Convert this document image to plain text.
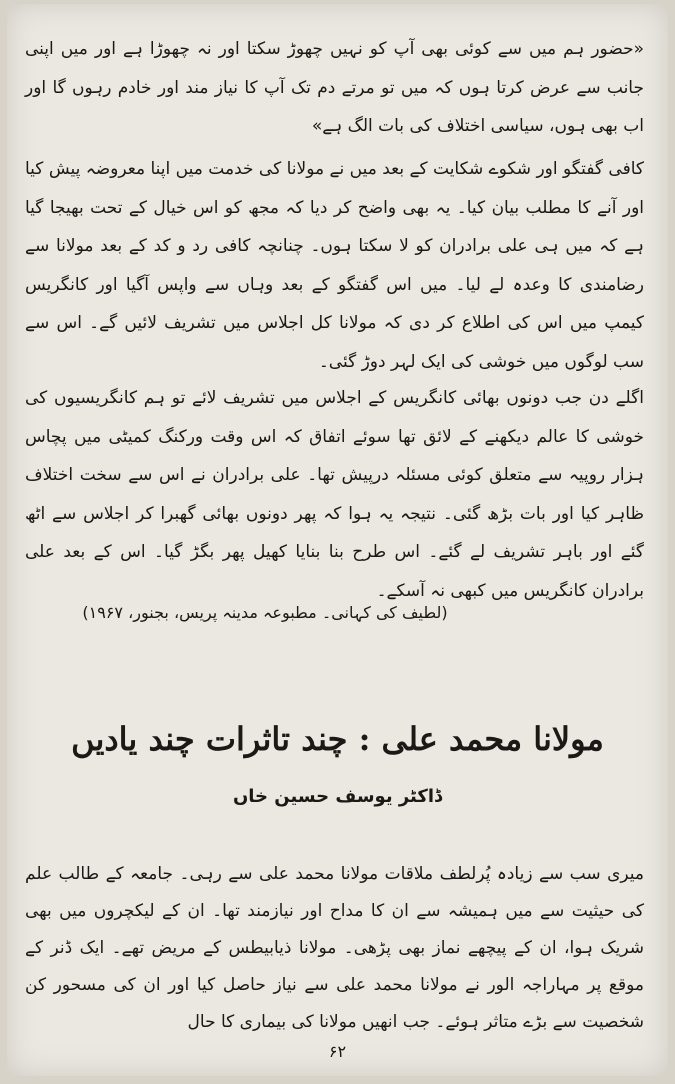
«حضور ہم میں سے کوئی بھی آپ کو نہیں چھوڑ سکتا اور نہ چھوڑا ہے اور میں اپنی جانب سے عرض کرتا ہوں کہ میں تو مرتے دم تک آپ کا نیاز مند اور خادم رہوں گا اور اب بھی ہوں، سیاسی اختلاف کی بات الگ ہے»

کافی گفتگو اور شکوے شکایت کے بعد میں نے مولانا کی خدمت میں اپنا معروضہ پیش کیا اور آنے کا مطلب بیان کیا۔ یہ بھی واضح کر دیا کہ مجھ کو اس خیال کے تحت بھیجا گیا ہے کہ میں ہی علی برادران کو لا سکتا ہوں۔ چنانچہ کافی رد و کد کے بعد مولانا سے رضامندی کا وعدہ لے لیا۔ میں اس گفتگو کے بعد وہاں سے واپس آگیا اور کانگریس کیمپ میں اس کی اطلاع کر دی کہ مولانا کل اجلاس میں تشریف لائیں گے۔ اس سے سب لوگوں میں خوشی کی ایک لہر دوڑ گئی۔

اگلے دن جب دونوں بھائی کانگریس کے اجلاس میں تشریف لائے تو ہم کانگریسیوں کی خوشی کا عالم دیکھنے کے لائق تھا سوئے اتفاق کہ اس وقت ورکنگ کمیٹی میں پچاس ہزار روپیہ سے متعلق کوئی مسئلہ درپیش تھا۔ علی برادران نے اس سے سخت اختلاف ظاہر کیا اور بات بڑھ گئی۔ نتیجہ یہ ہوا کہ پھر دونوں بھائی گھبرا کر اجلاس سے اٹھ گئے اور باہر تشریف لے گئے۔ اس طرح بنا بنایا کھیل پھر بگڑ گیا۔ اس کے بعد علی برادران کانگریس میں کبھی نہ آسکے۔

(لطیف کی کہانی۔ مطبوعہ مدینہ پریس، بجنور، ۱۹۶۷)
مولانا محمد علی : چند تاثرات چند یادیں
ڈاکٹر یوسف حسین خاں

میری سب سے زیادہ پُرلطف ملاقات مولانا محمد علی سے رہی۔ جامعہ کے طالب علم کی حیثیت سے میں ہمیشہ سے ان کا مداح اور نیازمند تھا۔ ان کے لیکچروں میں بھی شریک ہوا، ان کے پیچھے نماز بھی پڑھی۔ مولانا ذیابیطس کے مریض تھے۔ ایک ڈنر کے موقع پر مہاراجہ الور نے مولانا محمد علی سے نیاز حاصل کیا اور ان کی مسحور کن شخصیت سے بڑے متاثر ہوئے۔ جب انھیں مولانا کی بیماری کا حال

۶۲
